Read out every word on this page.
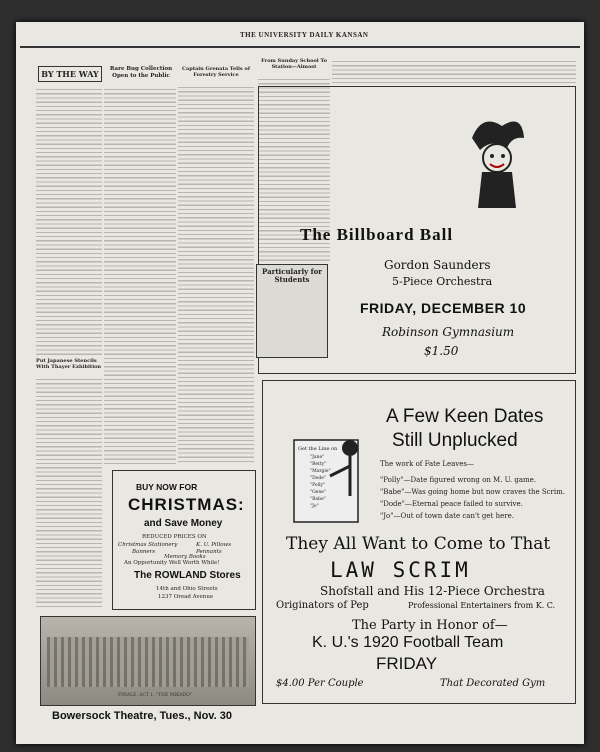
THE UNIVERSITY DAILY KANSAN
BY THE WAY	Rare Bug Collection Open to the Public

Put Japanese Stencils With Thayer Exhibition
Captain Grenata Tells of Forestry Service
From Sunday School To Station—Almost
Particularly for Students
The Billboard Ball
Gordon Saunders
5-Piece Orchestra
FRIDAY, DECEMBER 10
Robinson Gymnasium
$1.50
Get the Line on
"Jane"
"Betty"
"Margie"
"Dode"
"Polly"
"Gene"
"Babe"
"Jo"
A Few Keen Dates
Still Unplucked
The work of Fate Leaves—
"Polly"—Date figured wrong on M. U. game.
"Babe"—Was going home but now craves the Scrim.
"Dode"—Eternal peace failed to survive.
"Jo"—Out of town date can't get here.
They All Want to Come to That
LAW SCRIM
Shofstall and His 12-Piece Orchestra
Originators of Pep	Professional Entertainers from K. C.
The Party in Honor of—
K. U.'s 1920 Football Team
FRIDAY
$4.00 Per Couple	That Decorated Gym
BUY NOW FOR
CHRISTMAS:
and Save Money
REDUCED PRICES ON
Christmas Stationery	K. U. Pillows
Banners	Pennants
Memory Books
An Opportunity Well Worth While!
The ROWLAND Stores
14th and Ohio Streets
1237 Oread Avenue
FINALE, ACT 1, "THE MIKADO"
Bowersock Theatre, Tues., Nov. 30
